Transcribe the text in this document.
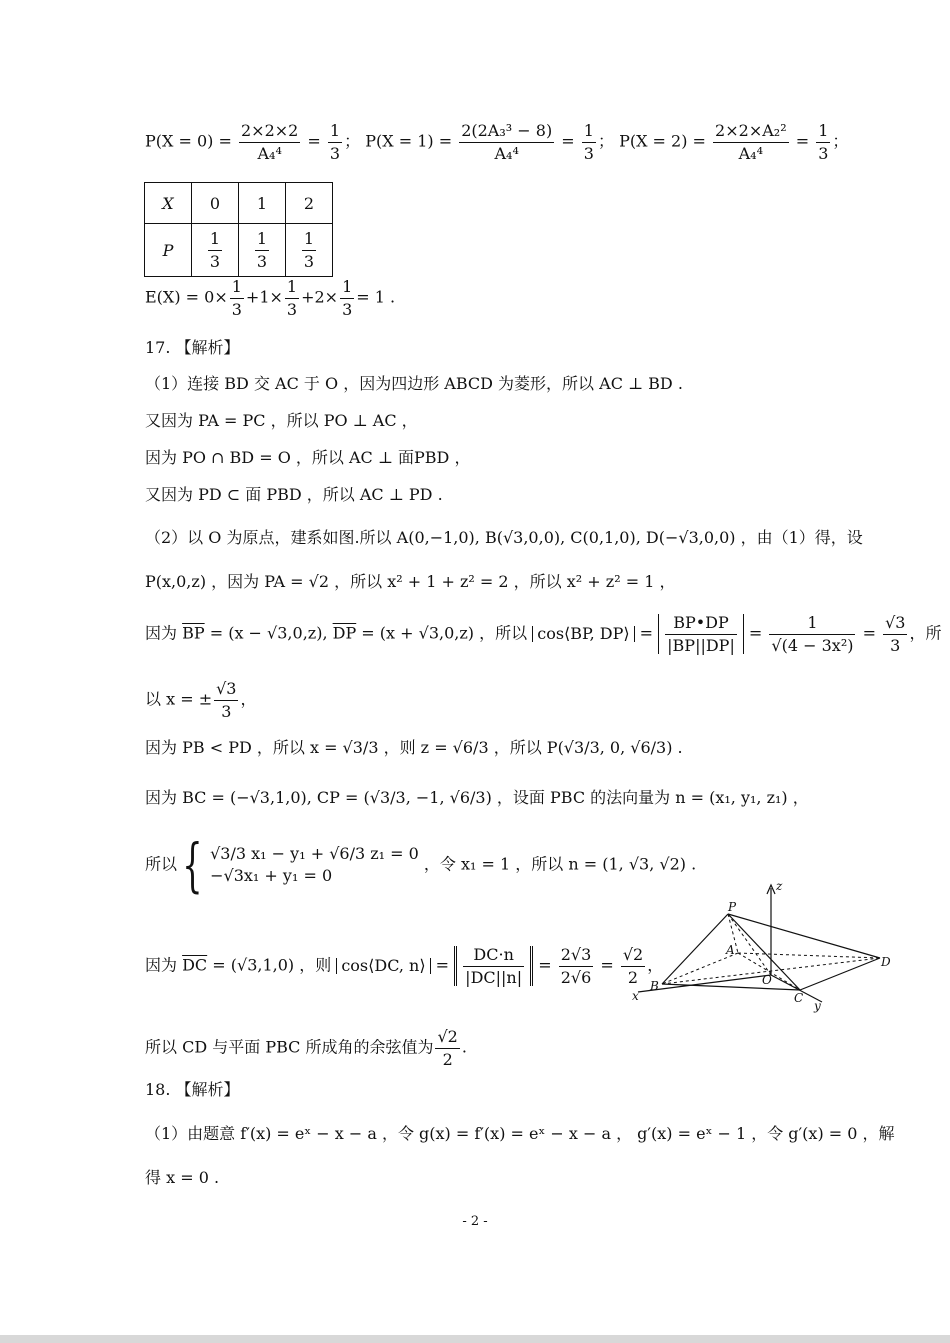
$P(X = 0) = \frac{2\times 2\times 2}{\text{A₄⁴}} = \frac{1}{3}$ ； $P(X = 1) = \frac{\text{2(2A₃³ − 8)}}{\text{A₄⁴}} = \frac{1}{3}$ ； $P(X = 2) = \frac{\text{2×2×A₂²}}{\text{A₄⁴}} = \frac{1}{3}$ ；
X	0	1	2
P	$\frac{1}{3}$	$\frac{1}{3}$	$\frac{1}{3}$
$E(X) = 0\times \frac{1}{3} +1\times \frac{1}{3} +2\times \frac{1}{3} = 1$ .
17. 【解析】
（1）连接 BD 交 AC 于 O ，因为四边形 ABCD 为菱形，所以 AC ⊥ BD .
又因为 PA = PC ，所以 PO ⊥ AC ，
因为 PO ∩ BD = O ，所以 AC ⊥ 面PBD ，
又因为 PD ⊂ 面 PBD ，所以 AC ⊥ PD .
（2）以 O 为原点，建系如图.所以 A(0,−1,0), B(√3,0,0), C(0,1,0), D(−√3,0,0) ，由（1）得，设
P(x,0,z) ，因为 PA = √2 ，所以 x² + 1 + z² = 2 ，所以 x² + z² = 1 ，
因为 $\overline{BP} = (x - √3,0,z)$, $\overline{DP} = (x + √3,0,z)$ ，所以 cos⟨BP, DP⟩ = $\frac{BP•DP}{|BP||DP|} = \frac{1}{\text{√(4 − 3x²)}} = \frac{√3}{3}$ ，所
以 x = ± $\frac{√3}{3}$ ，
因为 PB < PD ，所以 x = √3/3 ，则 z = √6/3 ，所以 P(√3/3, 0, √6/3) .
因为 BC = (−√3,1,0), CP = (√3/3, −1, √6/3) ，设面 PBC 的法向量为 n = (x₁, y₁, z₁) ，
所以 { √3/3 x₁ − y₁ + √6/3 z₁ = 0
−√3x₁ + y₁ = 0
，令 x₁ = 1 ，所以 n = (1, √3, √2) .
因为 $\overline{DC} = (√3,1,0)$ ，则 cos⟨DC, n⟩ = $\frac{DC\cdot n}{|DC||n|} = \frac{2√3}{2√6} = \frac{√2}{2}$ ，
所以 CD 与平面 PBC 所成角的余弦值为 $\frac{√2}{2}$ .
18. 【解析】
（1）由题意 f′(x) = eˣ − x − a ，令 g(x) = f′(x) = eˣ − x − a ， g′(x) = eˣ − 1 ，令 g′(x) = 0 ，解
得 x = 0 .
P
A
O
D
B
C
x
y
z
- 2 -
